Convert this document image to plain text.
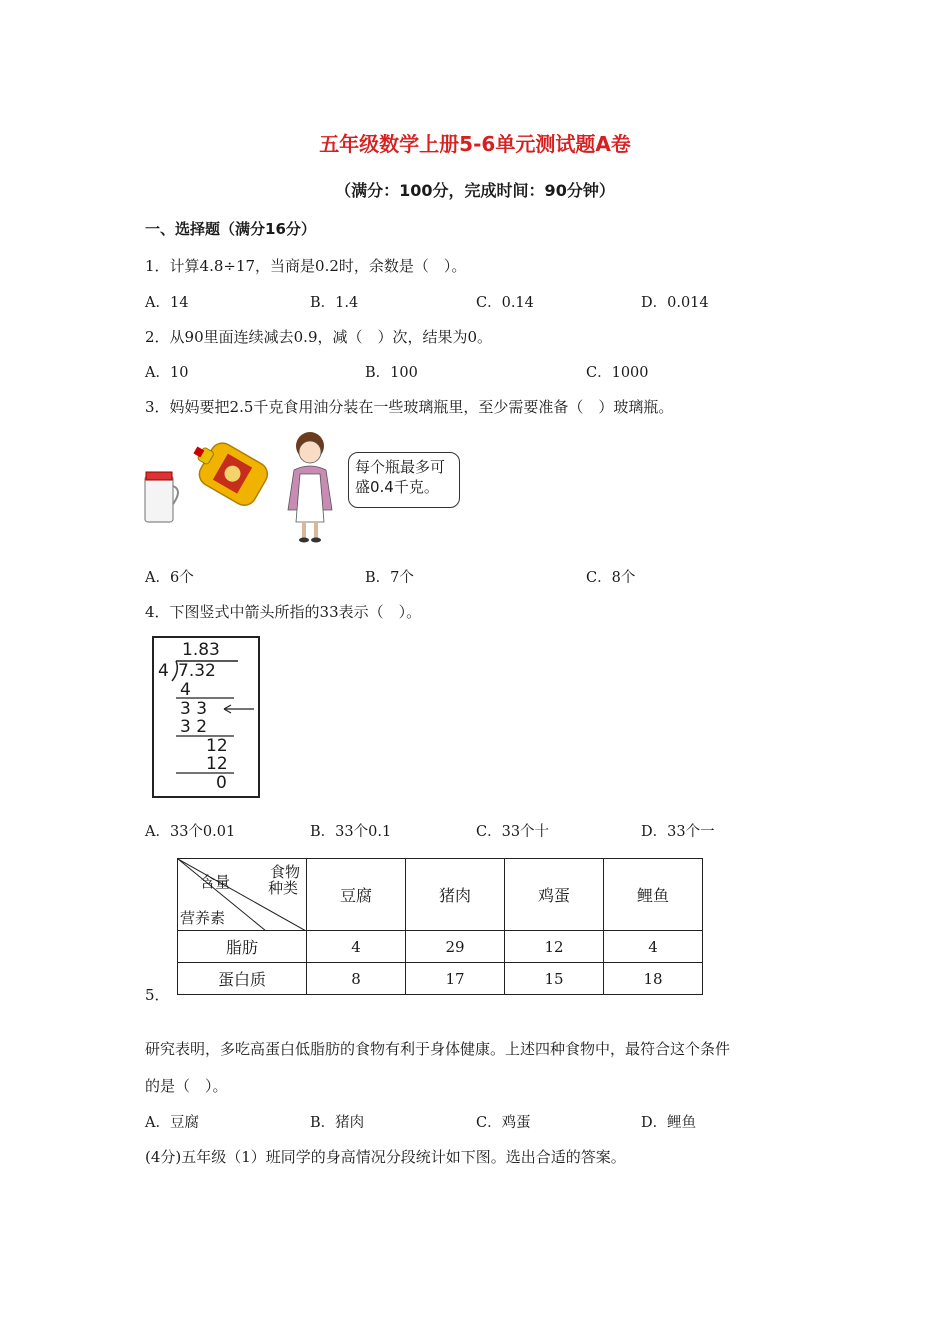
五年级数学上册5-6单元测试题A卷
（满分：100分，完成时间：90分钟）
一、选择题（满分16分）
1．计算4.8÷17，当商是0.2时，余数是（　）。
A．14	B．1.4	C．0.14	D．0.014
2．从90里面连续减去0.9，减（　）次，结果为0。
A．10	B．100	C．1000
3．妈妈要把2.5千克食用油分装在一些玻璃瓶里，至少需要准备（　）玻璃瓶。
每个瓶最多可盛0.4千克。
A．6个	B．7个	C．8个
4．下图竖式中箭头所指的33表示（　）。
1.83
4 7.32
4
3 3
3 2
12
12
0
A．33个0.01	B．33个0.1	C．33个十	D．33个一
食物
种类
含量
营养素	豆腐	猪肉	鸡蛋	鲤鱼
脂肪	4	29	12	4
蛋白质	8	17	15	18
5．
研究表明，多吃高蛋白低脂肪的食物有利于身体健康。上述四种食物中，最符合这个条件
的是（　）。
A．豆腐	B．猪肉	C．鸡蛋	D．鲤鱼
(4分)五年级（1）班同学的身高情况分段统计如下图。选出合适的答案。
